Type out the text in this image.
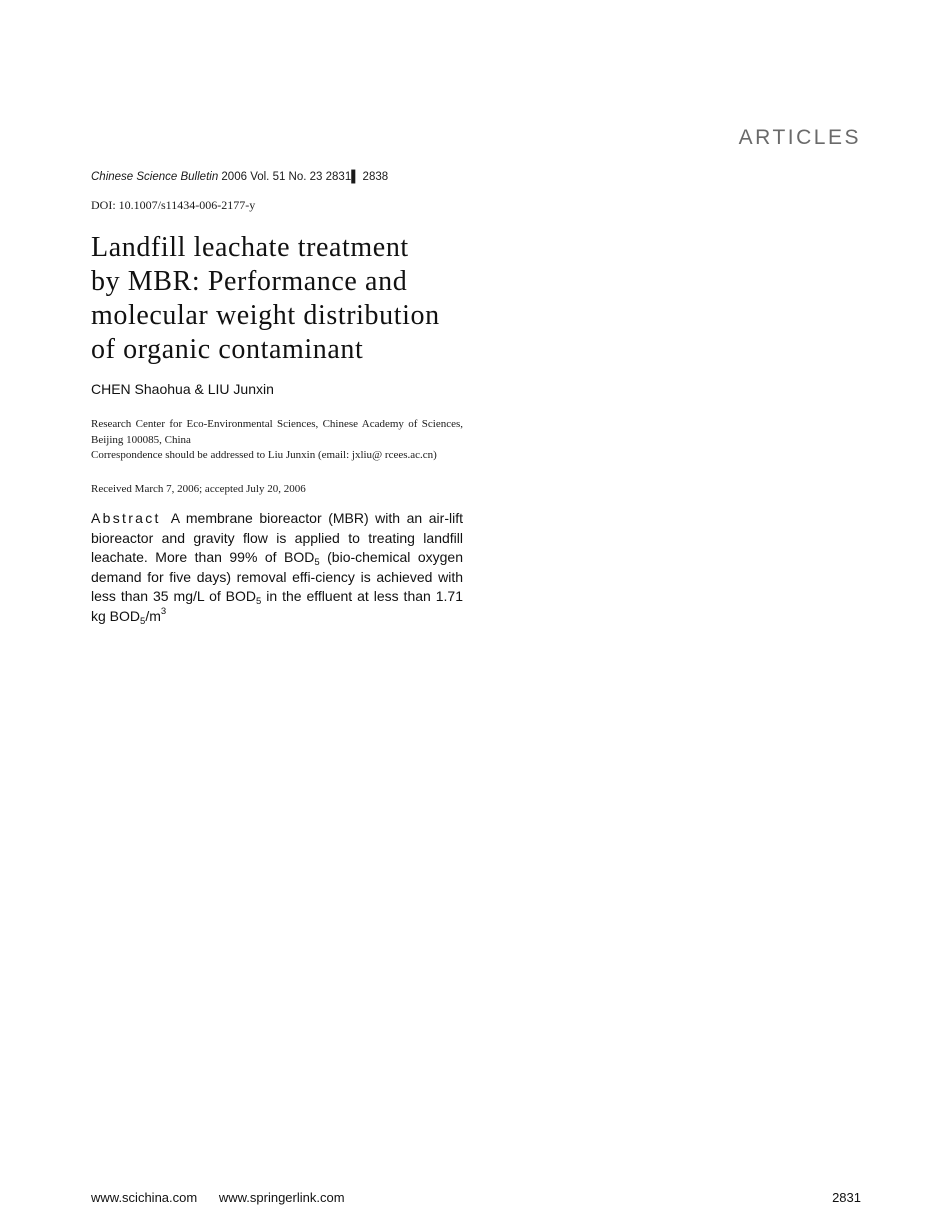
ARTICLES
Chinese Science Bulletin 2006 Vol. 51 No. 23 2831▌ 2838
DOI: 10.1007/s11434-006-2177-y
Landfill leachate treatment
by MBR: Performance and
molecular weight distribution
of organic contaminant
CHEN Shaohua & LIU Junxin
Research Center for Eco-Environmental Sciences, Chinese Academy of Sciences, Beijing 100085, China
Correspondence should be addressed to Liu Junxin (email: jxliu@ rcees.ac.cn)
Received March 7, 2006; accepted July 20, 2006
Abstract A membrane bioreactor (MBR) with an air-lift bioreactor and gravity flow is applied to treating landfill leachate. More than 99% of $BOD_5$ (bio-chemical oxygen demand for five days) removal effi-ciency is achieved with less than 35 mg/L of $BOD_5$ in the effluent at less than 1.71 kg $BOD_5/m^3$
www.scichina.com www.springerlink.com	2831
